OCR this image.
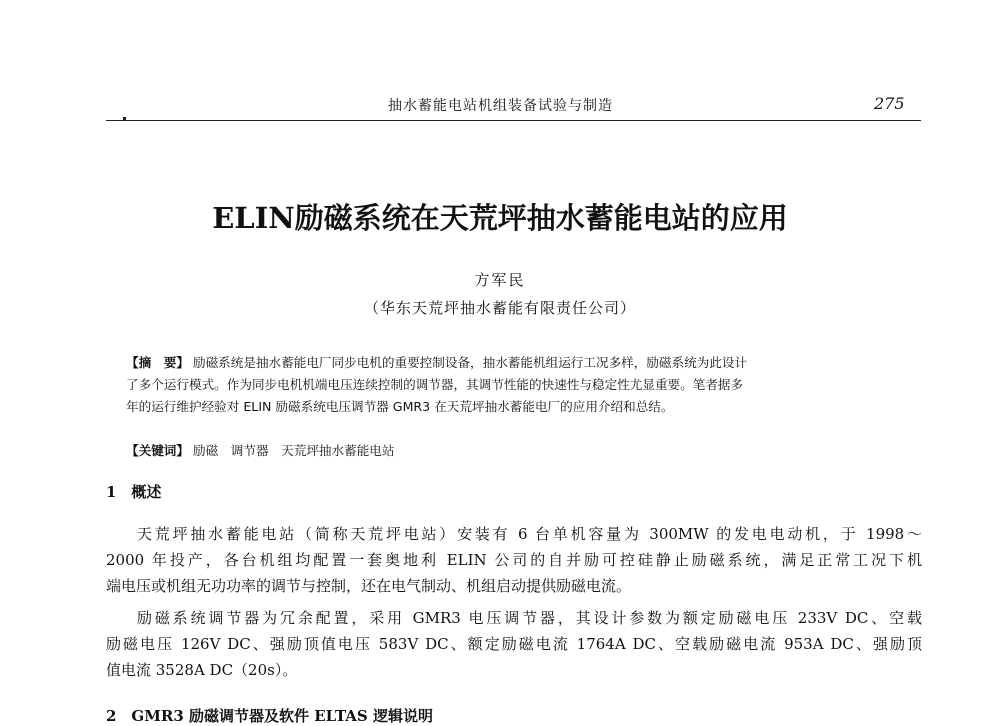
抽水蓄能电站机组装备试验与制造	275
ELIN励磁系统在天荒坪抽水蓄能电站的应用
方军民
（华东天荒坪抽水蓄能有限责任公司）
【摘　要】 励磁系统是抽水蓄能电厂同步电机的重要控制设备，抽水蓄能机组运行工况多样，励磁系统为此设计
了多个运行模式。作为同步电机机端电压连续控制的调节器，其调节性能的快速性与稳定性尤显重要。笔者据多
年的运行维护经验对 ELIN 励磁系统电压调节器 GMR3 在天荒坪抽水蓄能电厂的应用介绍和总结。
【关键词】 励磁　调节器　天荒坪抽水蓄能电站
1　概述
天荒坪抽水蓄能电站（简称天荒坪电站）安装有 6 台单机容量为 300MW 的发电电动机，于 1998～
2000 年投产，各台机组均配置一套奥地利 ELIN 公司的自并励可控硅静止励磁系统，满足正常工况下机
端电压或机组无功功率的调节与控制，还在电气制动、机组启动提供励磁电流。
励磁系统调节器为冗余配置，采用 GMR3 电压调节器，其设计参数为额定励磁电压 233V DC、空载
励磁电压 126V DC、强励顶值电压 583V DC、额定励磁电流 1764A DC、空载励磁电流 953A DC、强励顶
值电流 3528A DC（20s）。
2　GMR3 励磁调节器及软件 ELTAS 逻辑说明
